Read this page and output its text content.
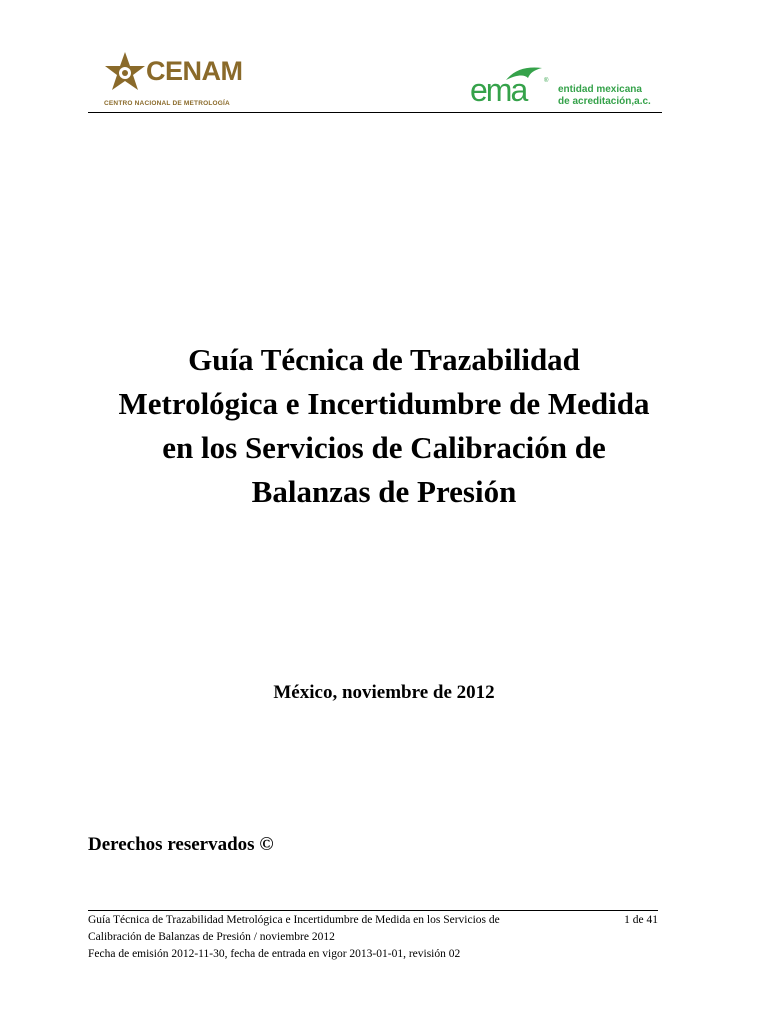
CENAM
CENTRO NACIONAL DE METROLOGÍA	ema	®
entidad mexicana
de acreditación,a.c.
Guía Técnica de Trazabilidad
Metrológica e Incertidumbre de Medida
en los Servicios de Calibración de
Balanzas de Presión
México, noviembre de 2012
Derechos reservados ©
Guía Técnica de Trazabilidad Metrológica e Incertidumbre de Medida en los Servicios de
Calibración de Balanzas de Presión / noviembre 2012
Fecha de emisión 2012-11-30, fecha de entrada en vigor 2013-01-01, revisión 02
1 de 41
